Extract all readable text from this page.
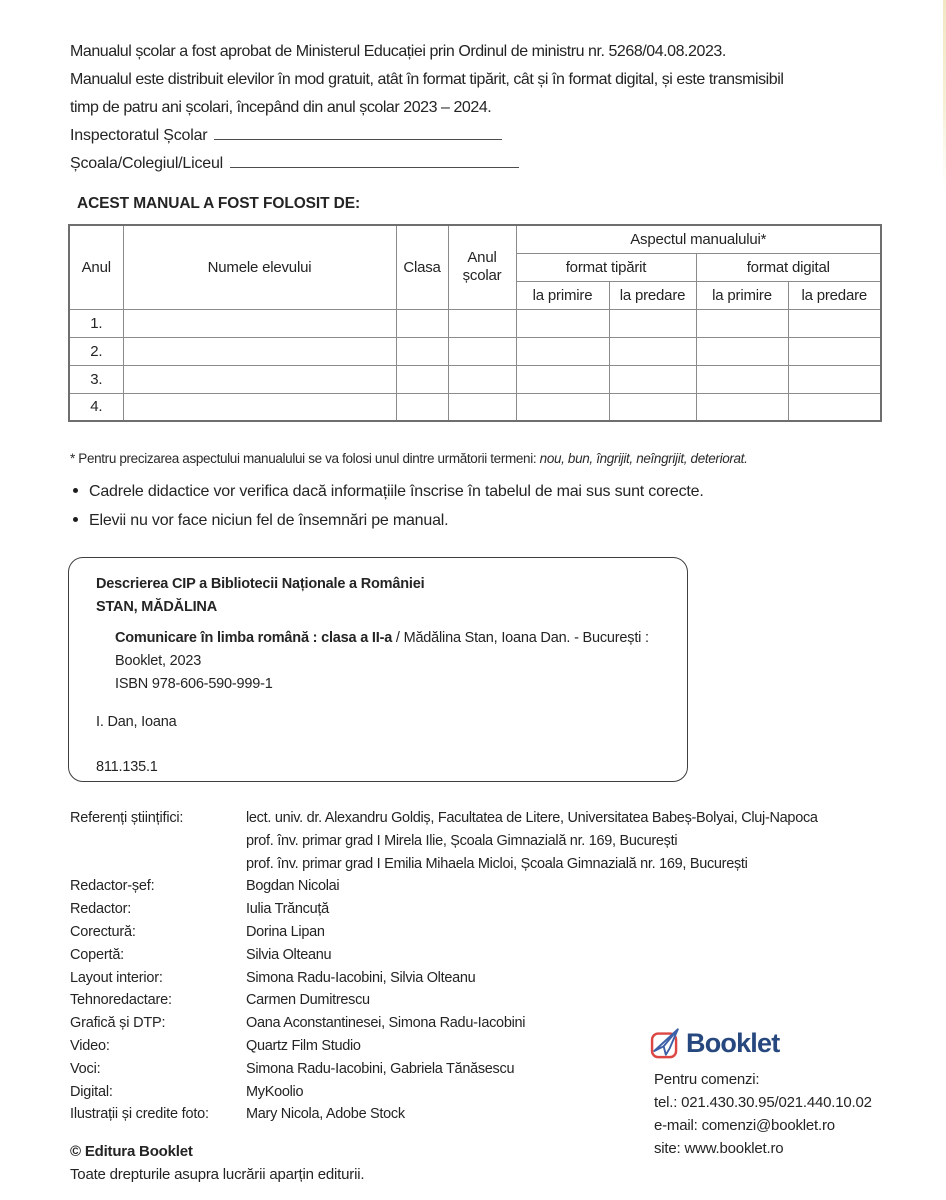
Manualul școlar a fost aprobat de Ministerul Educației prin Ordinul de ministru nr. 5268/04.08.2023.
Manualul este distribuit elevilor în mod gratuit, atât în format tipărit, cât și în format digital, și este transmisibil
timp de patru ani școlari, începând din anul școlar 2023 – 2024.
Inspectoratul Școlar
Școala/Colegiul/Liceul
ACEST MANUAL A FOST FOLOSIT DE:
Anul	Numele elevului	Clasa	Anul școlar	Aspectul manualului*			
				format tipărit		format digital	
				la primire	la predare	la primire	la predare
1.							
2.							
3.							
4.							
* Pentru precizarea aspectului manualului se va folosi unul dintre următorii termeni: nou, bun, îngrijit, neîngrijit, deteriorat.
Cadrele didactice vor verifica dacă informațiile înscrise în tabelul de mai sus sunt corecte.
Elevii nu vor face niciun fel de însemnări pe manual.
Descrierea CIP a Bibliotecii Naționale a României
STAN, MĂDĂLINA
Comunicare în limba română : clasa a II-a / Mădălina Stan, Ioana Dan. - București :
Booklet, 2023
ISBN 978-606-590-999-1
I. Dan, Ioana
811.135.1
Referenți științifici:	lect. univ. dr. Alexandru Goldiș, Facultatea de Litere, Universitatea Babeș-Bolyai, Cluj-Napoca
prof. înv. primar grad I Mirela Ilie, Școala Gimnazială nr. 169, București
prof. înv. primar grad I Emilia Mihaela Micloi, Școala Gimnazială nr. 169, București
Redactor-șef:	Bogdan Nicolai
Redactor:	Iulia Trăncuță
Corectură:	Dorina Lipan
Copertă:	Silvia Olteanu
Layout interior:	Simona Radu-Iacobini, Silvia Olteanu
Tehnoredactare:	Carmen Dumitrescu
Grafică și DTP:	Oana Aconstantinesei, Simona Radu-Iacobini
Video:	Quartz Film Studio
Voci:	Simona Radu-Iacobini, Gabriela Tănăsescu
Digital:	MyKoolio
Ilustrații și credite foto:	Mary Nicola, Adobe Stock
© Editura Booklet
Toate drepturile asupra lucrării aparțin editurii.
Booklet
Pentru comenzi:
tel.: 021.430.30.95/021.440.10.02
e-mail: comenzi@booklet.ro
site: www.booklet.ro
